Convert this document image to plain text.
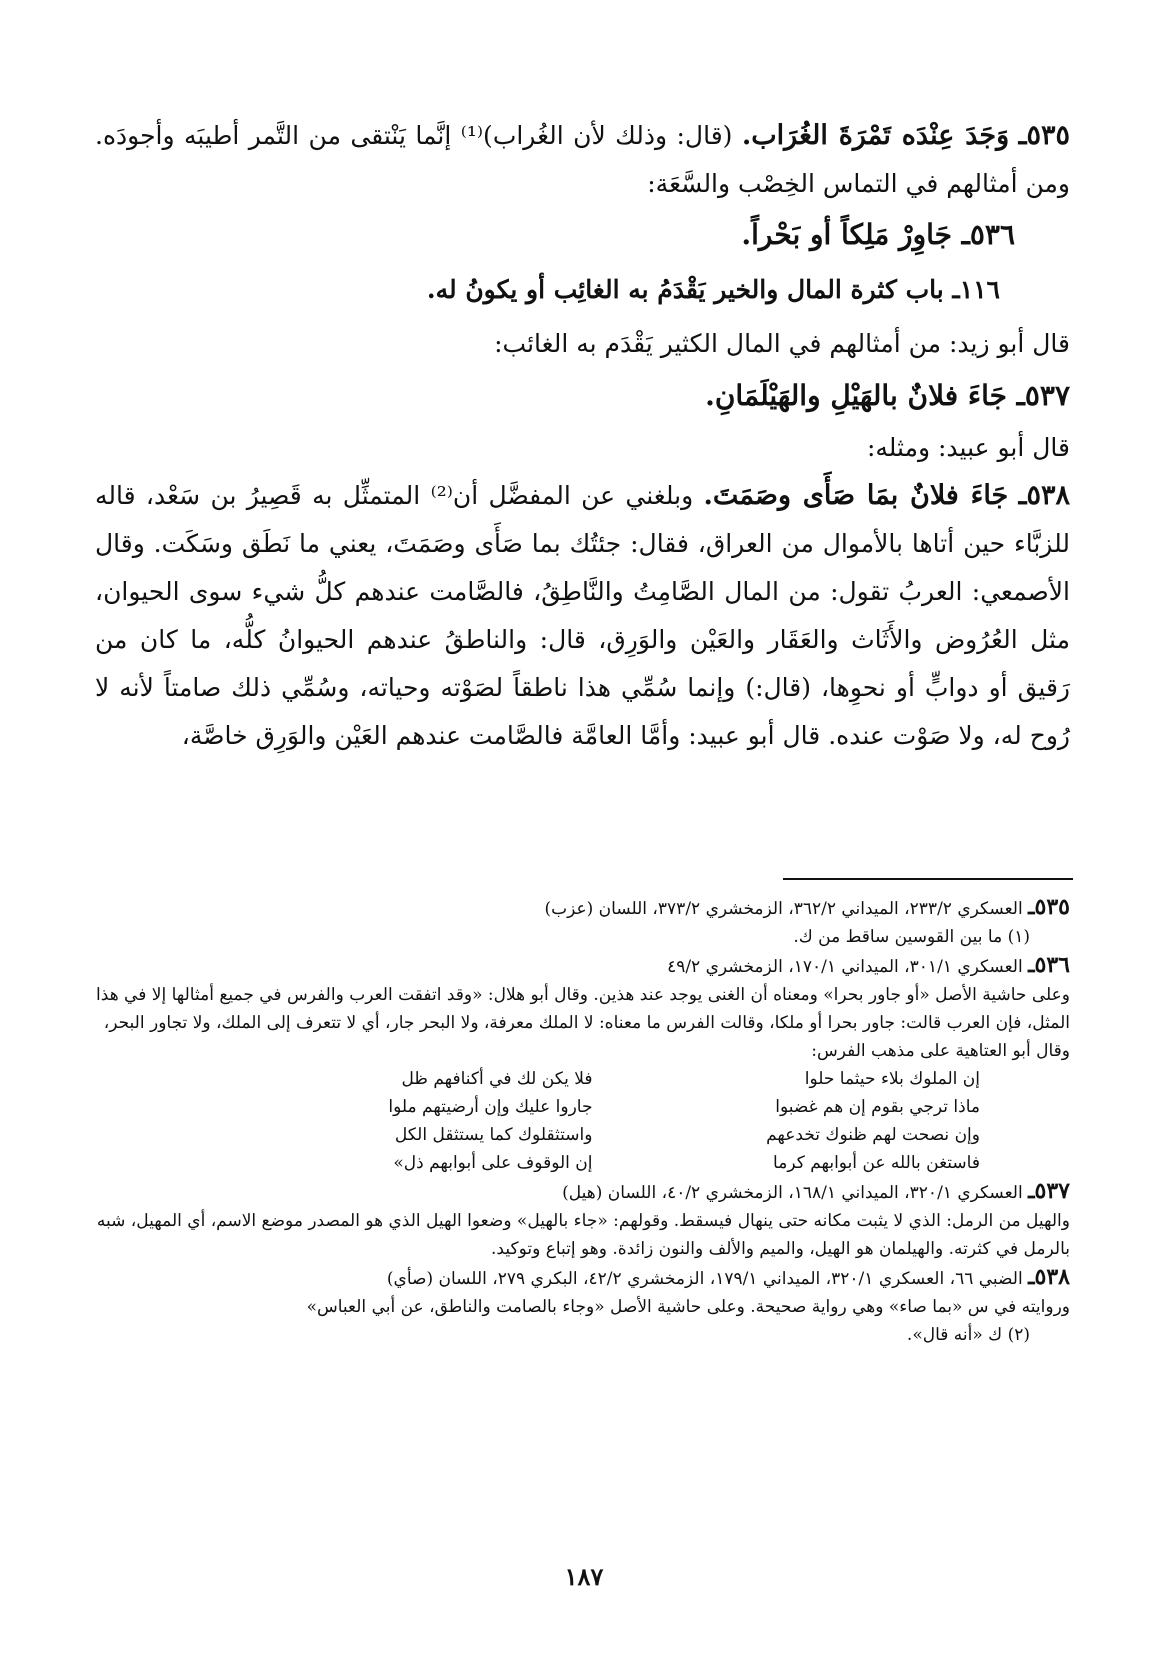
٥٣٥ـ وَجَدَ عِنْدَه تَمْرَةَ الغُرَاب. (قال: وذلك لأن الغُراب)⁽¹⁾ إنَّما يَنْتقى من التَّمر أطيبَه وأجودَه. ومن أمثالهم في التماس الخِصْب والسَّعَة:

٥٣٦ـ جَاوِرْ مَلِكاً أو بَحْراً.

١١٦ـ باب كثرة المال والخير يَقْدَمُ به الغائِب أو يكونُ له.

قال أبو زيد: من أمثالهم في المال الكثير يَقْدَم به الغائب:

٥٣٧ـ جَاءَ فلانٌ بالهَيْلِ والهَيْلَمَانِ.

قال أبو عبيد: ومثله:

٥٣٨ـ جَاءَ فلانٌ بمَا صَأَى وصَمَتَ. وبلغني عن المفضَّل أن⁽²⁾ المتمثِّل به قَصِيرُ بن سَعْد، قاله للزبَّاء حين أتاها بالأموال من العراق، فقال: جئتُك بما صَأَى وصَمَتَ، يعني ما نَطَق وسَكَت. وقال الأصمعي: العربُ تقول: من المال الصَّامِتُ والنَّاطِقُ، فالصَّامت عندهم كلُّ شيء سوى الحيوان، مثل العُرُوض والأَثَاث والعَقَار والعَيْن والوَرِق، قال: والناطقُ عندهم الحيوانُ كلُّه، ما كان من رَقيق أو دوابٍّ أو نحوِها، (قال:) وإنما سُمِّي هذا ناطقاً لصَوْته وحياته، وسُمِّي ذلك صامتاً لأنه لا رُوح له، ولا صَوْت عنده. قال أبو عبيد: وأمَّا العامَّة فالصَّامت عندهم العَيْن والوَرِق خاصَّة،

٥٣٥ـ العسكري ٢٣٣/٢، الميداني ٣٦٢/٢، الزمخشري ٣٧٣/٢، اللسان (عزب)

(١) ما بين القوسين ساقط من ك.

٥٣٦ـ العسكري ٣٠١/١، الميداني ١٧٠/١، الزمخشري ٤٩/٢

وعلى حاشية الأصل «أو جاور بحرا» ومعناه أن الغنى يوجد عند هذين. وقال أبو هلال: «وقد اتفقت العرب والفرس في جميع أمثالها إلا في هذا المثل، فإن العرب قالت: جاور بحرا أو ملكا، وقالت الفرس ما معناه: لا الملك معرفة، ولا البحر جار، أي لا تتعرف إلى الملك، ولا تجاور البحر، وقال أبو العتاهية على مذهب الفرس:

إن الملوك بلاء حيثما حلوا
فلا يكن لك في أكنافهم ظل
ماذا ترجي بقوم إن هم غضبوا
جاروا عليك وإن أرضيتهم ملوا
وإن نصحت لهم ظنوك تخدعهم
واستثقلوك كما يستثقل الكل
فاستغن بالله عن أبوابهم كرما
إن الوقوف على أبوابهم ذل»

٥٣٧ـ العسكري ٣٢٠/١، الميداني ١٦٨/١، الزمخشري ٤٠/٢، اللسان (هيل)

والهيل من الرمل: الذي لا يثبت مكانه حتى ينهال فيسقط. وقولهم: «جاء بالهيل» وضعوا الهيل الذي هو المصدر موضع الاسم، أي المهيل، شبه بالرمل في كثرته. والهيلمان هو الهيل، والميم والألف والنون زائدة. وهو إتباع وتوكيد.

٥٣٨ـ الضبي ٦٦، العسكري ٣٢٠/١، الميداني ١٧٩/١، الزمخشري ٤٢/٢، البكري ٢٧٩، اللسان (صأي)

وروايته في س «بما صاء» وهي رواية صحيحة. وعلى حاشية الأصل «وجاء بالصامت والناطق، عن أبي العباس»

(٢) ك «أنه قال».

١٨٧
